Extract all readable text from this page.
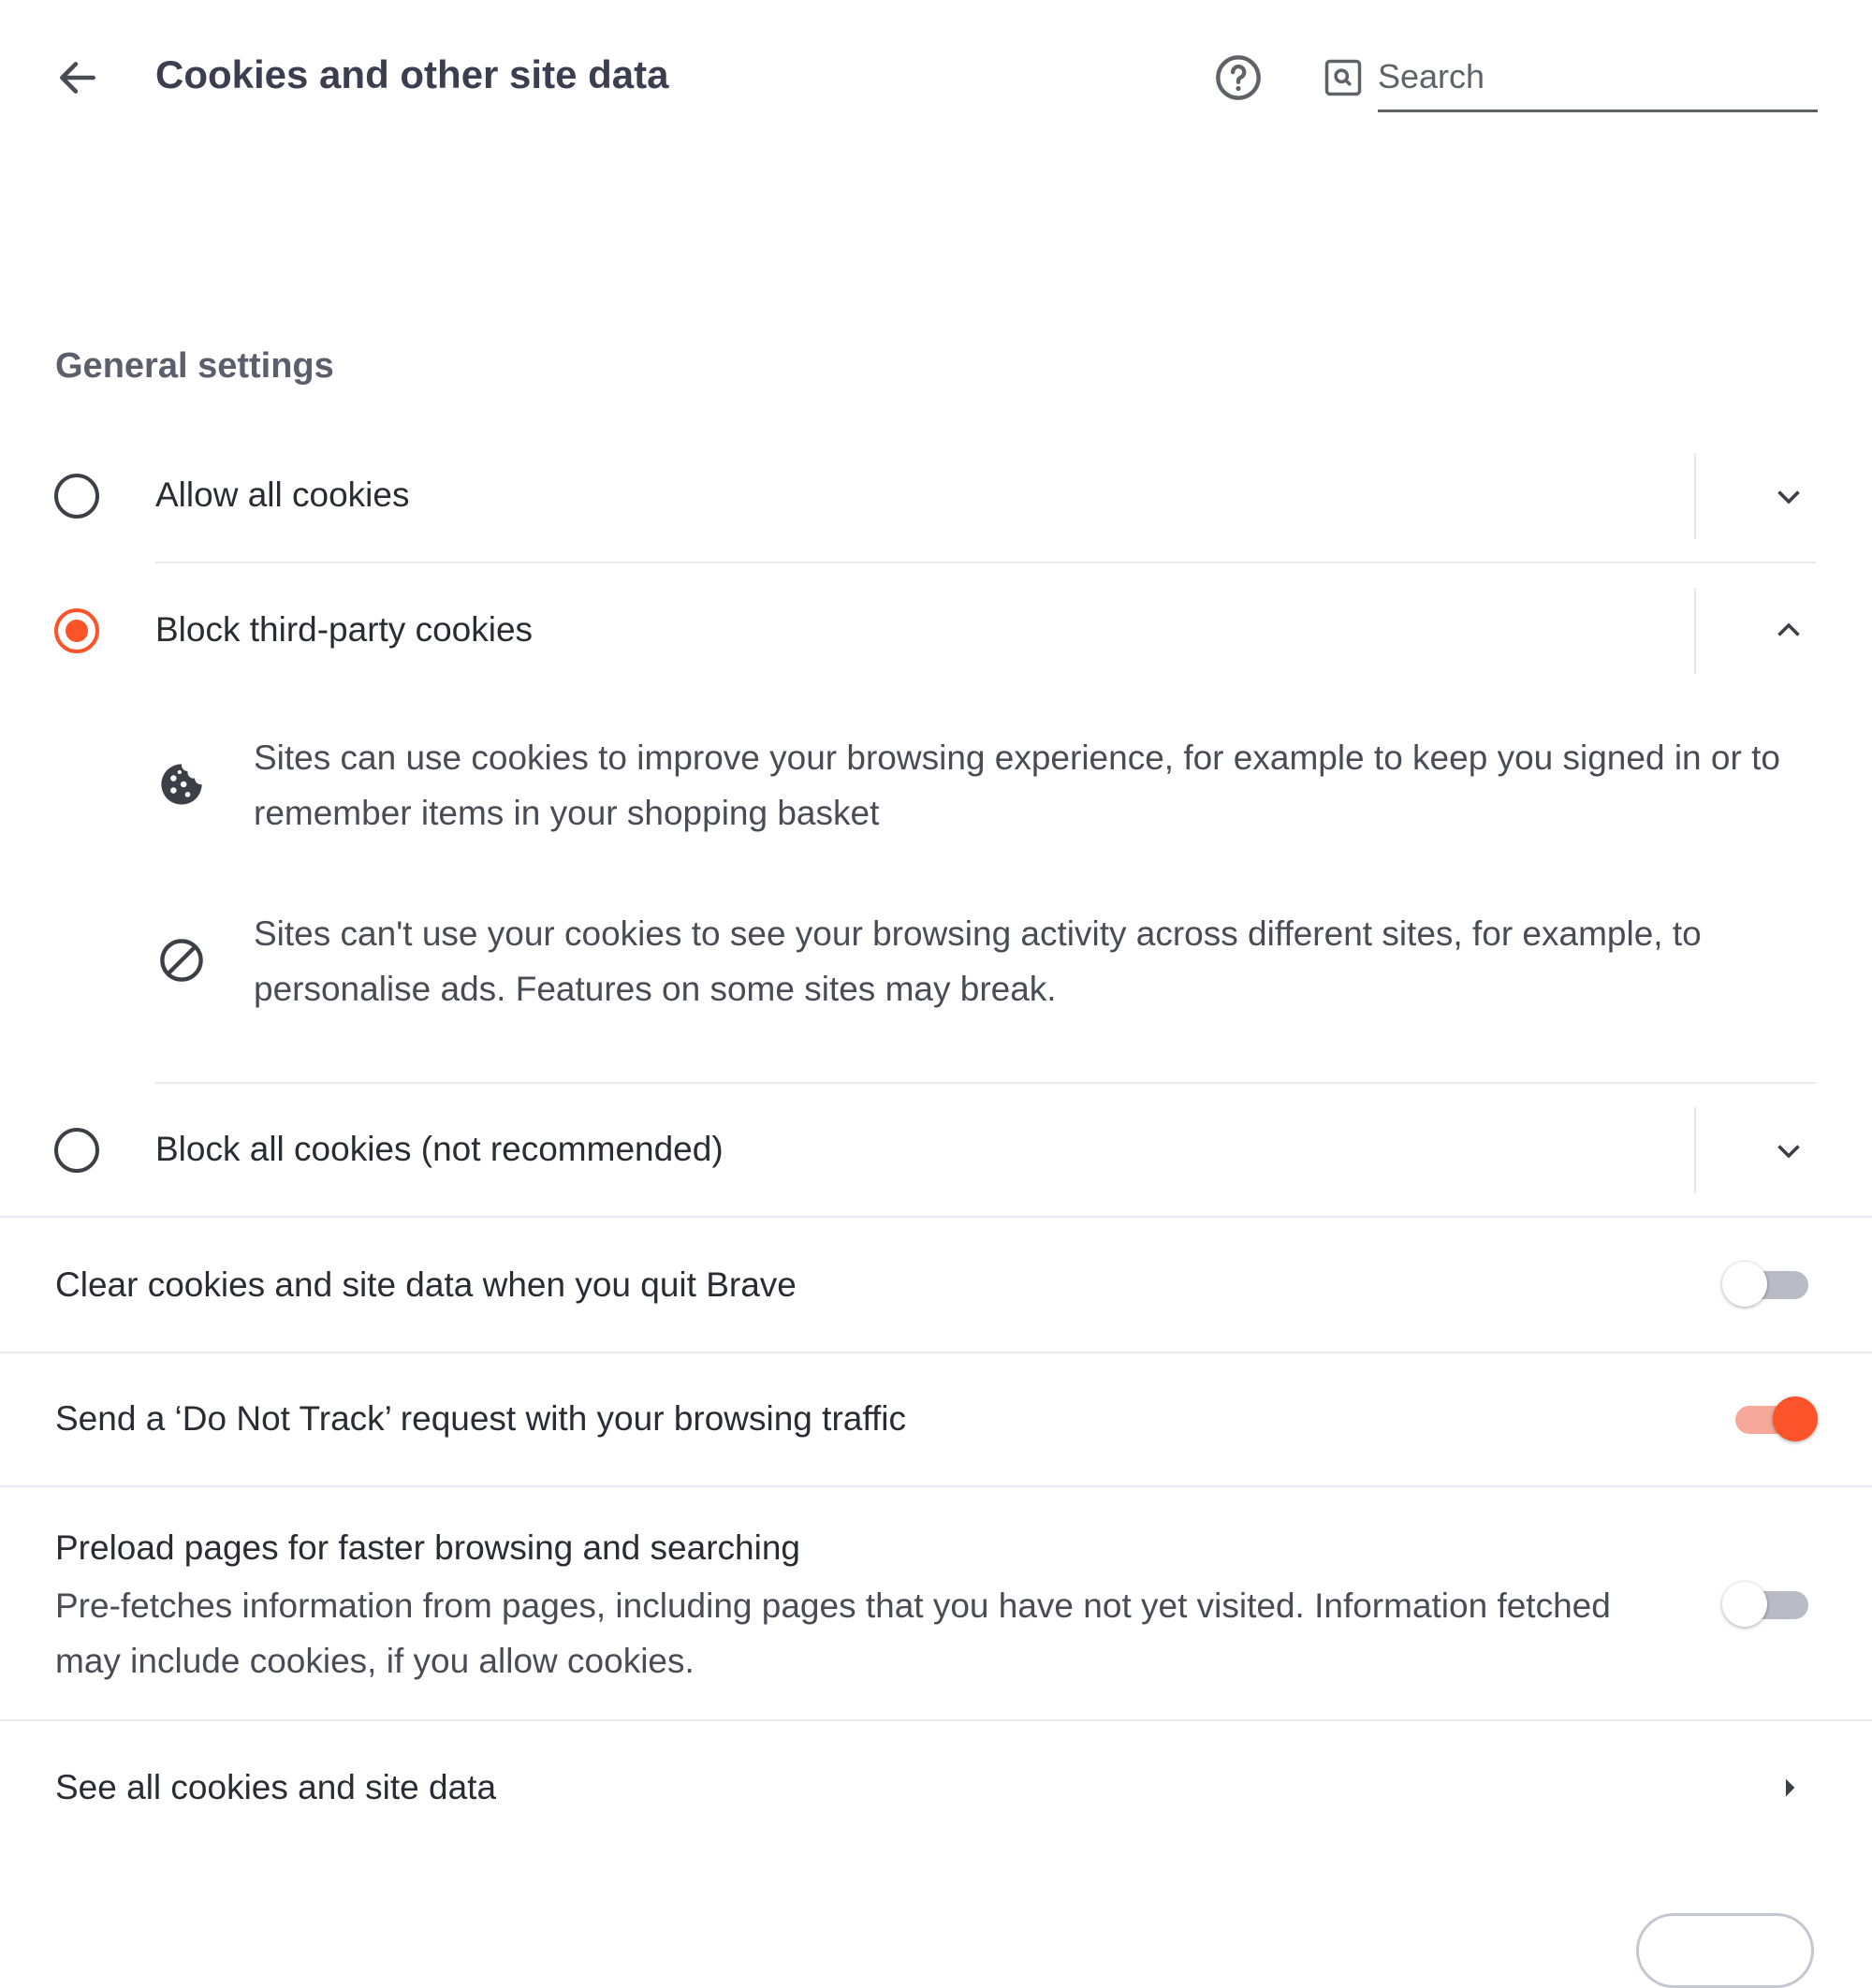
Cookies and other site data
Search
General settings
Allow all cookies
Block third-party cookies
Sites can use cookies to improve your browsing experience, for example to keep you signed in or to remember items in your shopping basket
Sites can't use your cookies to see your browsing activity across different sites, for example, to personalise ads. Features on some sites may break.
Block all cookies (not recommended)
Clear cookies and site data when you quit Brave
Send a ‘Do Not Track’ request with your browsing traffic
Preload pages for faster browsing and searching
Pre-fetches information from pages, including pages that you have not yet visited. Information fetched may include cookies, if you allow cookies.
See all cookies and site data
